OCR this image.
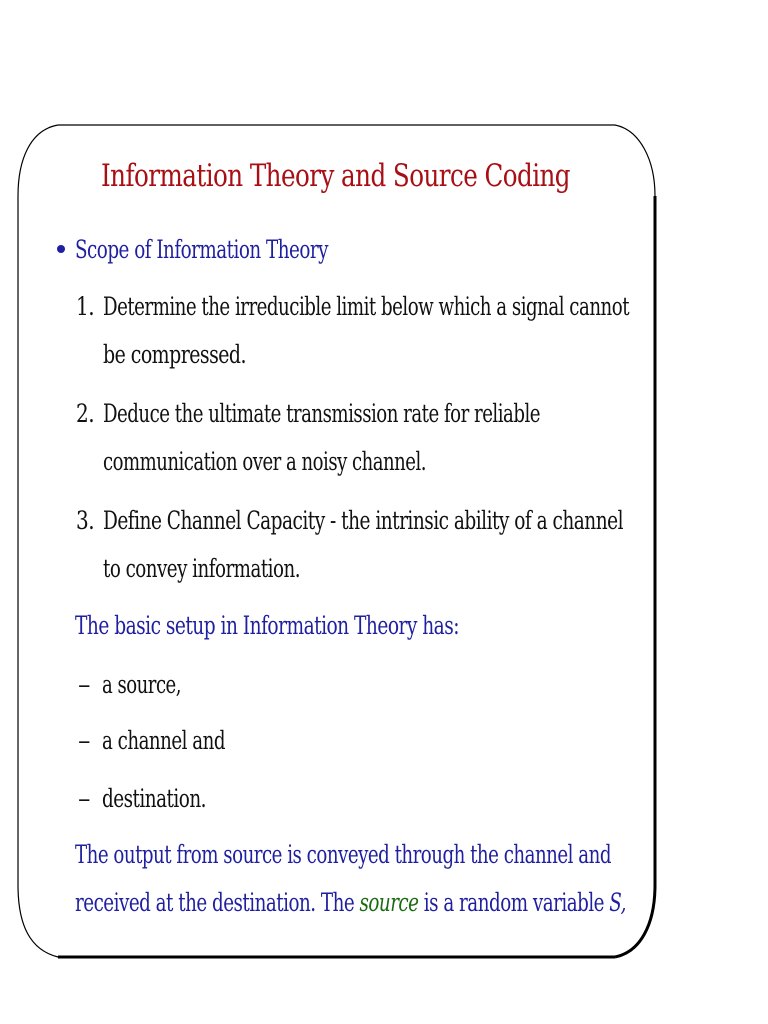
Information Theory and Source Coding
Scope of Information Theory
1. Determine the irreducible limit below which a signal cannot
be compressed.
2. Deduce the ultimate transmission rate for reliable
communication over a noisy channel.
3. Define Channel Capacity - the intrinsic ability of a channel
to convey information.
The basic setup in Information Theory has:
– a source,
– a channel and
– destination.
The output from source is conveyed through the channel and
received at the destination. The source is a random variable S,
